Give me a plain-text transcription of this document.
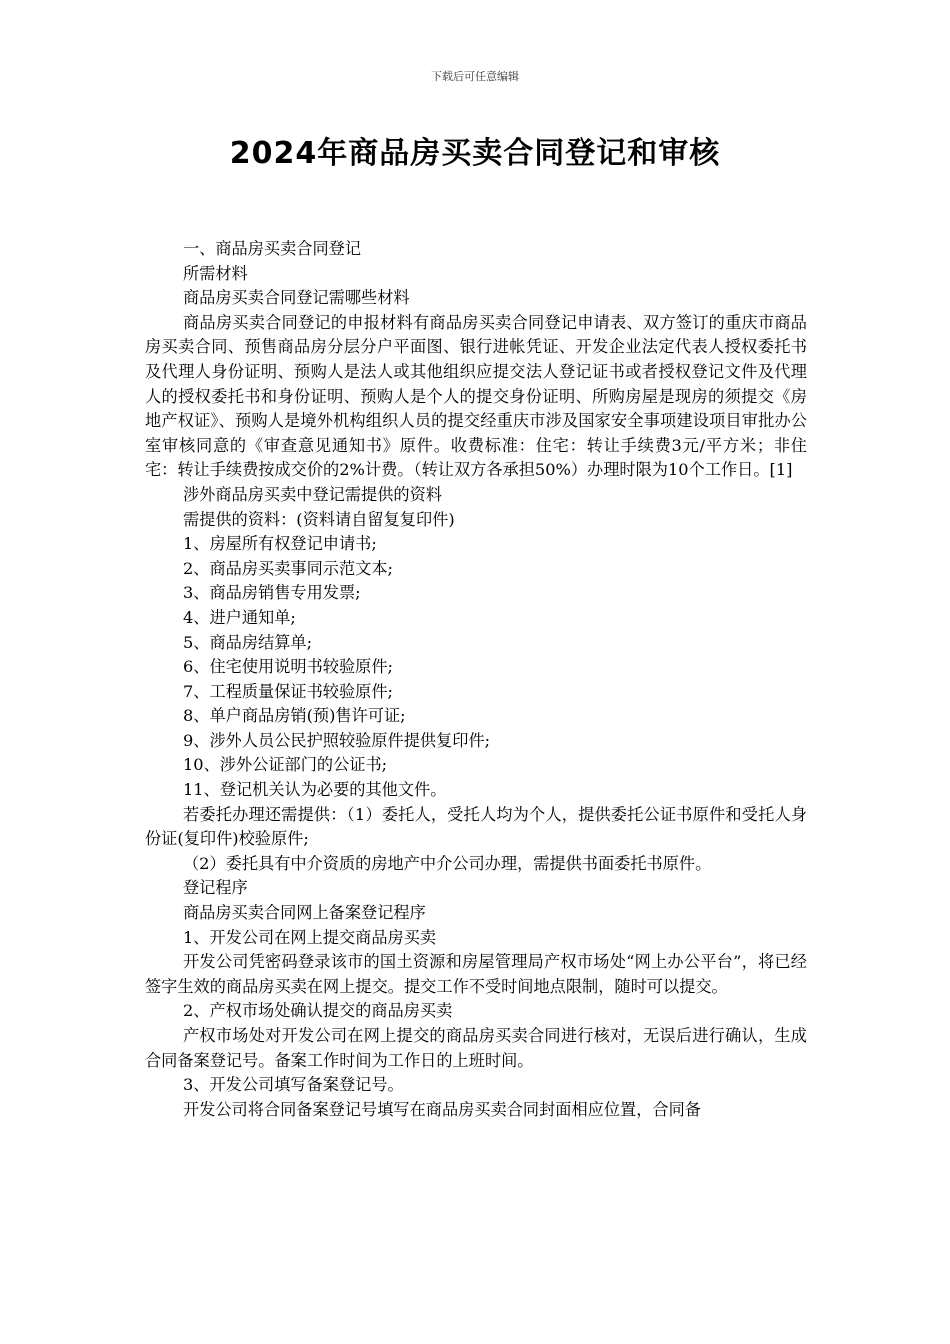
下载后可任意编辑
2024年商品房买卖合同登记和审核

一、商品房买卖合同登记

所需材料

商品房买卖合同登记需哪些材料

商品房买卖合同登记的申报材料有商品房买卖合同登记申请表、双方签订的重庆市商品房买卖合同、预售商品房分层分户平面图、银行进帐凭证、开发企业法定代表人授权委托书及代理人身份证明、预购人是法人或其他组织应提交法人登记证书或者授权登记文件及代理人的授权委托书和身份证明、预购人是个人的提交身份证明、所购房屋是现房的须提交《房地产权证》、预购人是境外机构组织人员的提交经重庆市涉及国家安全事项建设项目审批办公室审核同意的《审查意见通知书》原件。收费标准：住宅：转让手续费3元/平方米；非住宅：转让手续费按成交价的2%计费。（转让双方各承担50%）办理时限为10个工作日。[1]

涉外商品房买卖中登记需提供的资料

需提供的资料：(资料请自留复复印件)

1、房屋所有权登记申请书;

2、商品房买卖事同示范文本;

3、商品房销售专用发票;

4、进户通知单;

5、商品房结算单;

6、住宅使用说明书较验原件;

7、工程质量保证书较验原件;

8、单户商品房销(预)售许可证;

9、涉外人员公民护照较验原件提供复印件;

10、涉外公证部门的公证书;

11、登记机关认为必要的其他文件。

若委托办理还需提供：（1）委托人，受托人均为个人，提供委托公证书原件和受托人身份证(复印件)校验原件;

（2）委托具有中介资质的房地产中介公司办理，需提供书面委托书原件。

登记程序

商品房买卖合同网上备案登记程序

1、开发公司在网上提交商品房买卖

开发公司凭密码登录该市的国土资源和房屋管理局产权市场处“网上办公平台”，将已经签字生效的商品房买卖在网上提交。提交工作不受时间地点限制，随时可以提交。

2、产权市场处确认提交的商品房买卖

产权市场处对开发公司在网上提交的商品房买卖合同进行核对，无误后进行确认，生成合同备案登记号。备案工作时间为工作日的上班时间。

3、开发公司填写备案登记号。

开发公司将合同备案登记号填写在商品房买卖合同封面相应位置，合同备
